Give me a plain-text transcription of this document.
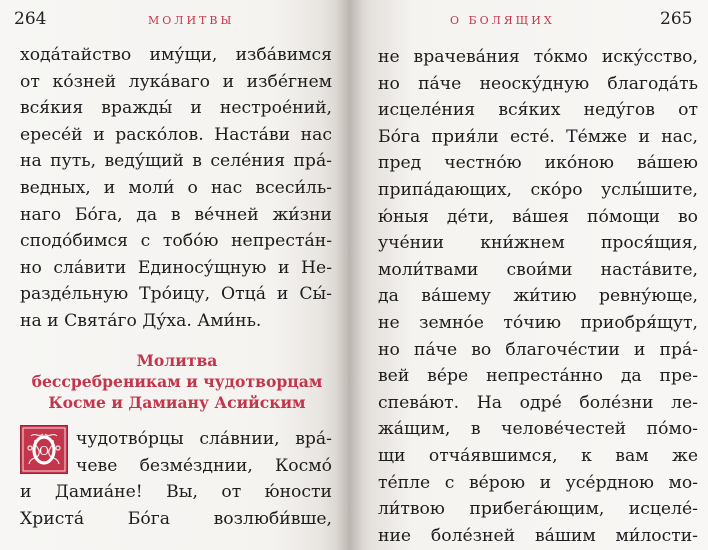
264	МОЛИТВЫ
хода́тайство иму́щи, изба́вимся
от ко́зней лука́ваго и избе́гнем
вся́кия вражды́ и нестрое́ний,
ересе́й и раско́лов. Наста́ви нас
на путь, веду́щий в селе́ния пра́-
ведных, и моли́ о нас всеси́ль-
наго Бо́га, да в ве́чней жи́зни
сподо́бимся с тобо́ю непреста́н-
но сла́вити Единосу́щную и Не-
разде́льную Тро́ицу, Отца́ и Сы́-
на и Свята́го Ду́ха. Ами́нь.
Молитва
бессребреникам и чудотворцам
Косме и Дамиану Асийским
О
чудотво́рцы сла́внии, вра́-
чеве безме́зднии, Космо́
и Дамиа́не! Вы, от ю́ности
Христа́ Бо́га возлюби́вше,
О БОЛЯЩИХ	265
не врачева́ния то́кмо иску́сство,
но па́че неоску́дную благода́ть
исцеле́ния вся́ких неду́гов от
Бо́га прия́ли есте́. Те́мже и нас,
пред честно́ю ико́ною ва́шею
припа́дающих, ско́ро услы́шите,
ю́ныя де́ти, ва́шея по́мощи во
уче́нии кни́жнем прося́щия,
моли́твами свои́ми наста́вите,
да ва́шему жи́тию ревну́юще,
не земно́е то́чию приобря́щут,
но па́че во благоче́стии и пра́-
вей ве́ре непреста́нно да пре-
спева́ют. На одре́ боле́зни ле-
жа́щим, в челове́честей по́мо-
щи отча́явшимся, к вам же
те́пле с ве́рою и усе́рдною мо-
ли́твою прибега́ющим, исцеле́-
ние боле́зней ва́шим ми́лости-
